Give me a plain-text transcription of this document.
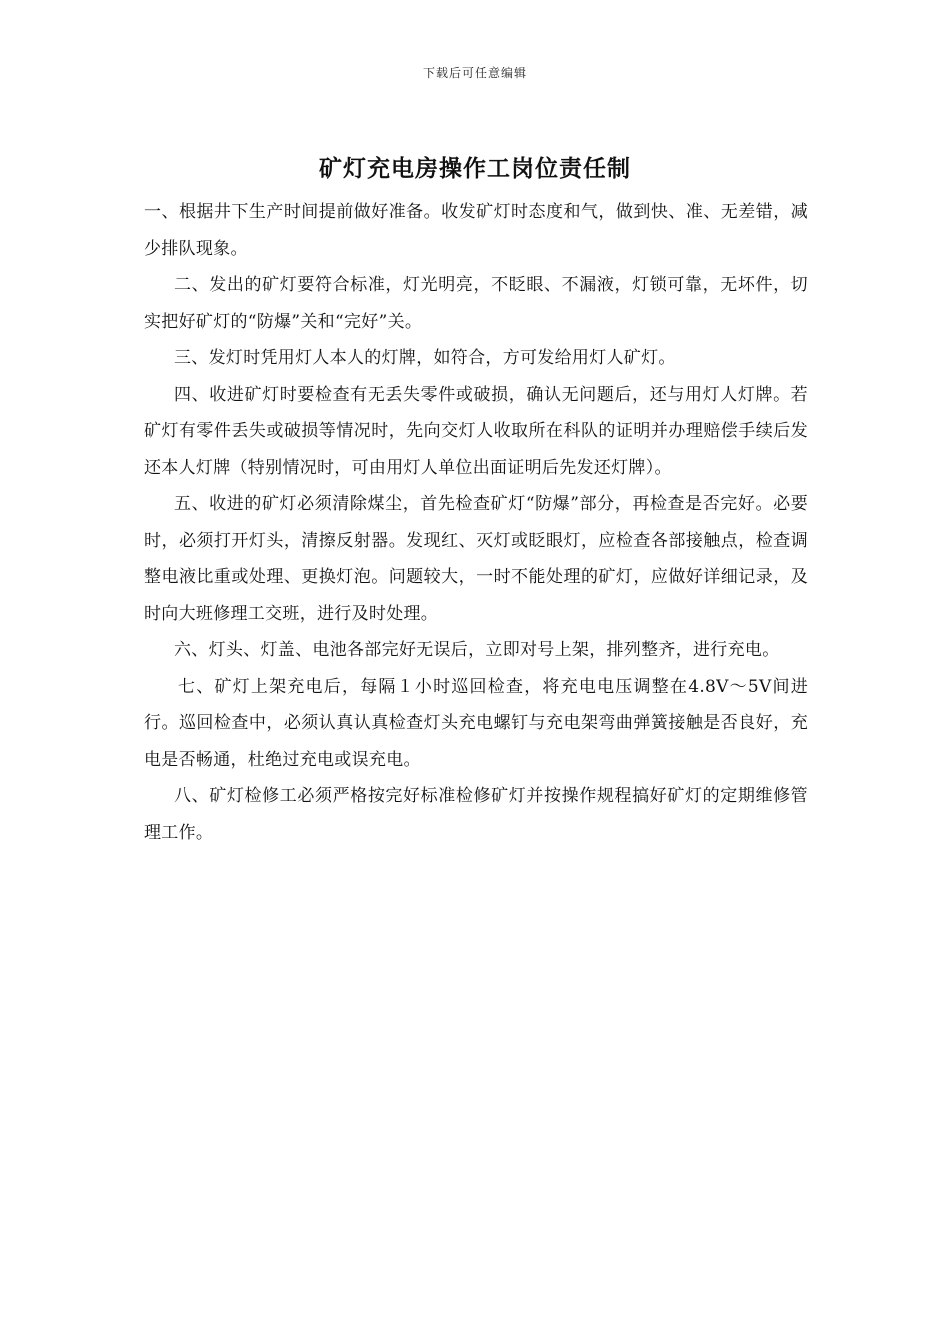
下载后可任意编辑
矿灯充电房操作工岗位责任制

一、根据井下生产时间提前做好准备。收发矿灯时态度和气，做到快、准、无差错，减少排队现象。

二、发出的矿灯要符合标准，灯光明亮，不眨眼、不漏液，灯锁可靠，无坏件，切实把好矿灯的“防爆”关和“完好”关。

三、发灯时凭用灯人本人的灯牌，如符合，方可发给用灯人矿灯。

四、收进矿灯时要检查有无丢失零件或破损，确认无问题后，还与用灯人灯牌。若矿灯有零件丢失或破损等情况时，先向交灯人收取所在科队的证明并办理赔偿手续后发还本人灯牌（特别情况时，可由用灯人单位出面证明后先发还灯牌）。

五、收进的矿灯必须清除煤尘，首先检查矿灯“防爆”部分，再检查是否完好。必要时，必须打开灯头，清擦反射器。发现红、灭灯或眨眼灯，应检查各部接触点，检查调整电液比重或处理、更换灯泡。问题较大，一时不能处理的矿灯，应做好详细记录，及时向大班修理工交班，进行及时处理。

六、灯头、灯盖、电池各部完好无误后，立即对号上架，排列整齐，进行充电。

七、矿灯上架充电后，每隔１小时巡回检查，将充电电压调整在4.8V～5V间进行。巡回检查中，必须认真认真检查灯头充电螺钉与充电架弯曲弹簧接触是否良好，充电是否畅通，杜绝过充电或误充电。

八、矿灯检修工必须严格按完好标准检修矿灯并按操作规程搞好矿灯的定期维修管理工作。
